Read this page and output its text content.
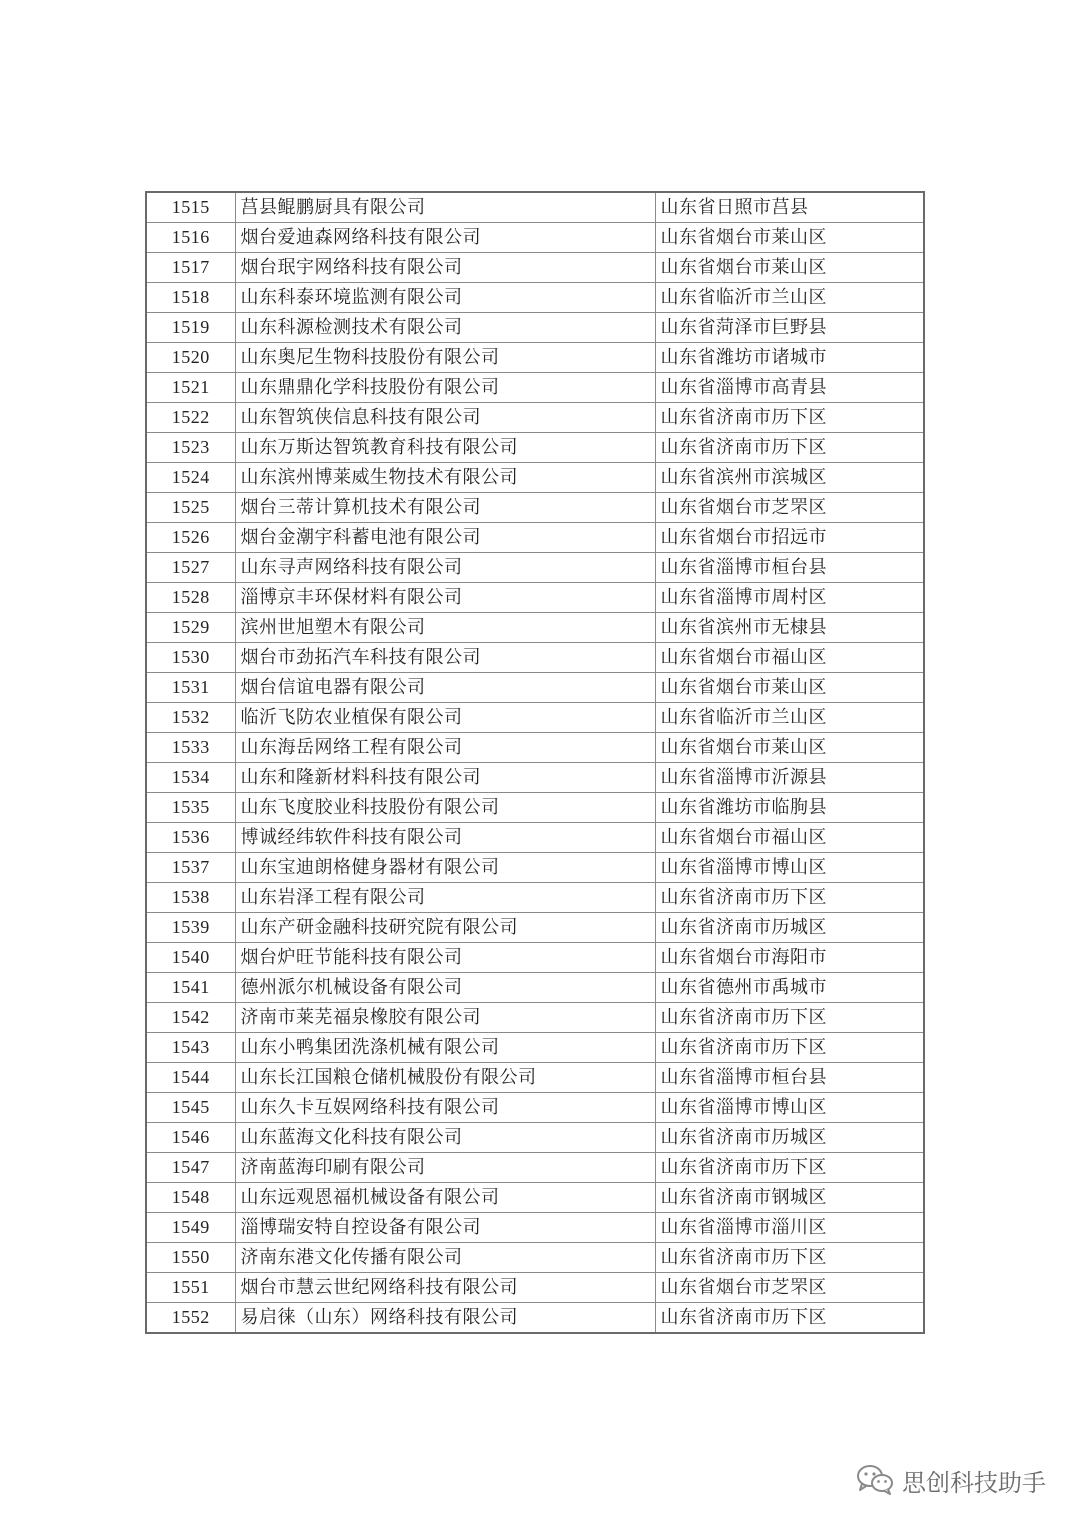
1515	莒县鲲鹏厨具有限公司	山东省日照市莒县
1516	烟台爱迪森网络科技有限公司	山东省烟台市莱山区
1517	烟台珉宇网络科技有限公司	山东省烟台市莱山区
1518	山东科泰环境监测有限公司	山东省临沂市兰山区
1519	山东科源检测技术有限公司	山东省菏泽市巨野县
1520	山东奥尼生物科技股份有限公司	山东省潍坊市诸城市
1521	山东鼎鼎化学科技股份有限公司	山东省淄博市高青县
1522	山东智筑侠信息科技有限公司	山东省济南市历下区
1523	山东万斯达智筑教育科技有限公司	山东省济南市历下区
1524	山东滨州博莱威生物技术有限公司	山东省滨州市滨城区
1525	烟台三蒂计算机技术有限公司	山东省烟台市芝罘区
1526	烟台金潮宇科蓄电池有限公司	山东省烟台市招远市
1527	山东寻声网络科技有限公司	山东省淄博市桓台县
1528	淄博京丰环保材料有限公司	山东省淄博市周村区
1529	滨州世旭塑木有限公司	山东省滨州市无棣县
1530	烟台市劲拓汽车科技有限公司	山东省烟台市福山区
1531	烟台信谊电器有限公司	山东省烟台市莱山区
1532	临沂飞防农业植保有限公司	山东省临沂市兰山区
1533	山东海岳网络工程有限公司	山东省烟台市莱山区
1534	山东和隆新材料科技有限公司	山东省淄博市沂源县
1535	山东飞度胶业科技股份有限公司	山东省潍坊市临朐县
1536	博诚经纬软件科技有限公司	山东省烟台市福山区
1537	山东宝迪朗格健身器材有限公司	山东省淄博市博山区
1538	山东岩泽工程有限公司	山东省济南市历下区
1539	山东产研金融科技研究院有限公司	山东省济南市历城区
1540	烟台炉旺节能科技有限公司	山东省烟台市海阳市
1541	德州派尔机械设备有限公司	山东省德州市禹城市
1542	济南市莱芜福泉橡胶有限公司	山东省济南市历下区
1543	山东小鸭集团洗涤机械有限公司	山东省济南市历下区
1544	山东长江国粮仓储机械股份有限公司	山东省淄博市桓台县
1545	山东久卡互娱网络科技有限公司	山东省淄博市博山区
1546	山东蓝海文化科技有限公司	山东省济南市历城区
1547	济南蓝海印刷有限公司	山东省济南市历下区
1548	山东远观恩福机械设备有限公司	山东省济南市钢城区
1549	淄博瑞安特自控设备有限公司	山东省淄博市淄川区
1550	济南东港文化传播有限公司	山东省济南市历下区
1551	烟台市慧云世纪网络科技有限公司	山东省烟台市芝罘区
1552	易启徕（山东）网络科技有限公司	山东省济南市历下区
思创科技助手
